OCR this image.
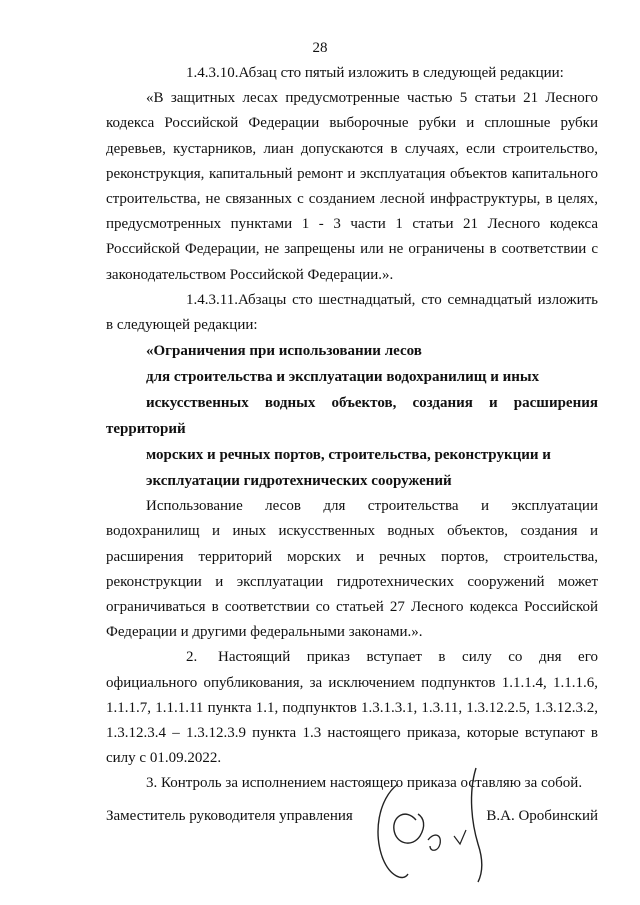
28

1.4.3.10.Абзац сто пятый изложить в следующей редакции:

«В защитных лесах предусмотренные частью 5 статьи 21 Лесного кодекса Российской Федерации выборочные рубки и сплошные рубки деревьев, кустарников, лиан допускаются в случаях, если строительство, реконструкция, капитальный ремонт и эксплуатация объектов капитального строительства, не связанных с созданием лесной инфраструктуры, в целях, предусмотренных пунктами 1 - 3 части 1 статьи 21 Лесного кодекса Российской Федерации, не запрещены или не ограничены в соответствии с законодательством Российской Федерации.».

1.4.3.11.Абзацы сто шестнадцатый, сто семнадцатый изложить в следующей редакции:

«Ограничения при использовании лесов

для строительства и эксплуатации водохранилищ и иных

искусственных водных объектов, создания и расширения территорий

морских и речных портов, строительства, реконструкции и

эксплуатации гидротехнических сооружений

Использование лесов для строительства и эксплуатации водохранилищ и иных искусственных водных объектов, создания и расширения территорий морских и речных портов, строительства, реконструкции и эксплуатации гидротехнических сооружений может ограничиваться в соответствии со статьей 27 Лесного кодекса Российской Федерации и другими федеральными законами.».

2. Настоящий приказ вступает в силу со дня его официального опубликования, за исключением подпунктов 1.1.1.4, 1.1.1.6, 1.1.1.7, 1.1.1.11 пункта 1.1, подпунктов 1.3.1.3.1, 1.3.11, 1.3.12.2.5, 1.3.12.3.2, 1.3.12.3.4 – 1.3.12.3.9 пункта 1.3 настоящего приказа, которые вступают в силу с 01.09.2022.

3. Контроль за исполнением настоящего приказа оставляю за собой.

Заместитель руководителя управления	В.А. Оробинский
